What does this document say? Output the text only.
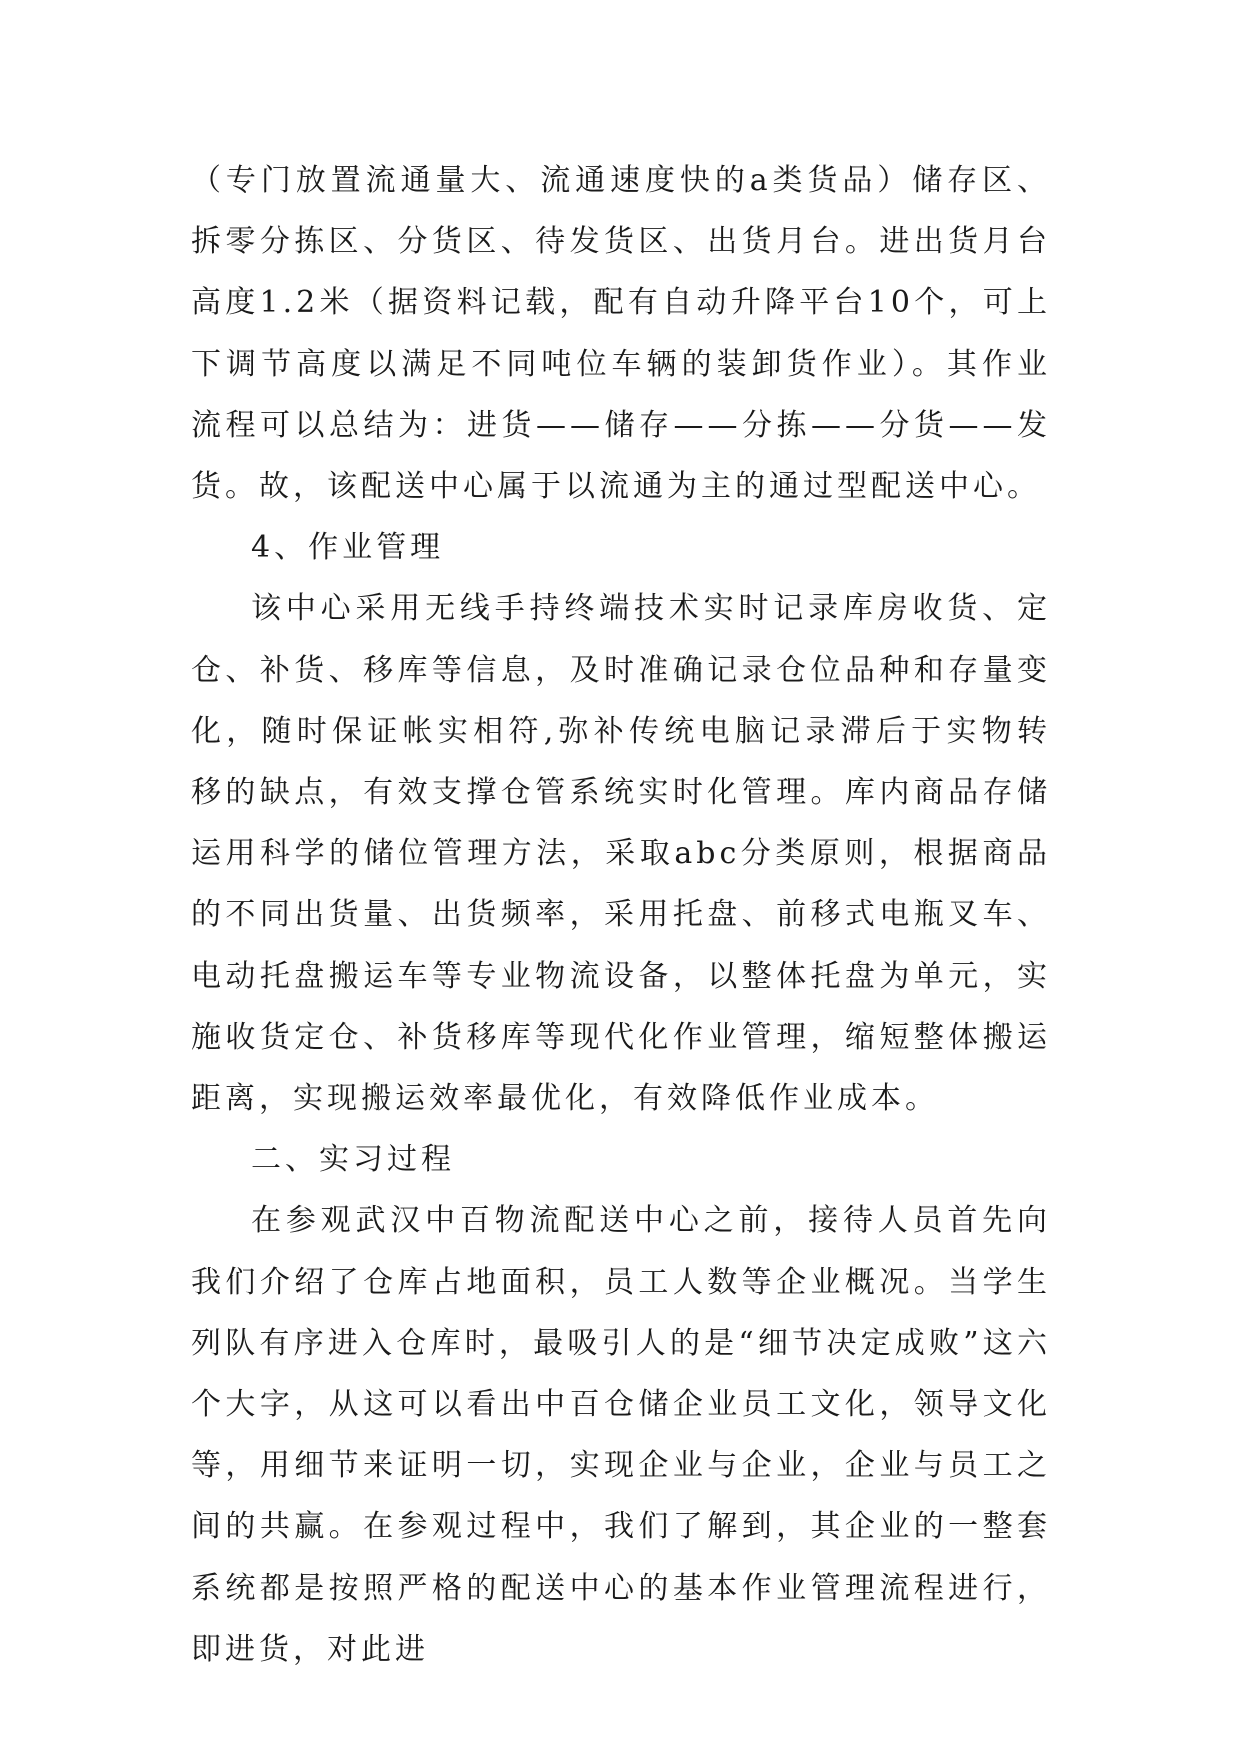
（专门放置流通量大、流通速度快的a类货品）储存区、拆零分拣区、分货区、待发货区、出货月台。进出货月台高度1.2米（据资料记载，配有自动升降平台10个，可上下调节高度以满足不同吨位车辆的装卸货作业）。其作业流程可以总结为：进货——储存——分拣——分货——发货。故，该配送中心属于以流通为主的通过型配送中心。

4、作业管理

该中心采用无线手持终端技术实时记录库房收货、定仓、补货、移库等信息，及时准确记录仓位品种和存量变化，随时保证帐实相符,弥补传统电脑记录滞后于实物转移的缺点，有效支撑仓管系统实时化管理。库内商品存储运用科学的储位管理方法，采取abc分类原则，根据商品的不同出货量、出货频率，采用托盘、前移式电瓶叉车、电动托盘搬运车等专业物流设备，以整体托盘为单元，实施收货定仓、补货移库等现代化作业管理，缩短整体搬运距离，实现搬运效率最优化，有效降低作业成本。

二、实习过程

在参观武汉中百物流配送中心之前，接待人员首先向我们介绍了仓库占地面积，员工人数等企业概况。当学生列队有序进入仓库时，最吸引人的是“细节决定成败”这六个大字，从这可以看出中百仓储企业员工文化，领导文化等，用细节来证明一切，实现企业与企业，企业与员工之间的共赢。在参观过程中，我们了解到，其企业的一整套系统都是按照严格的配送中心的基本作业管理流程进行，即进货，对此进
